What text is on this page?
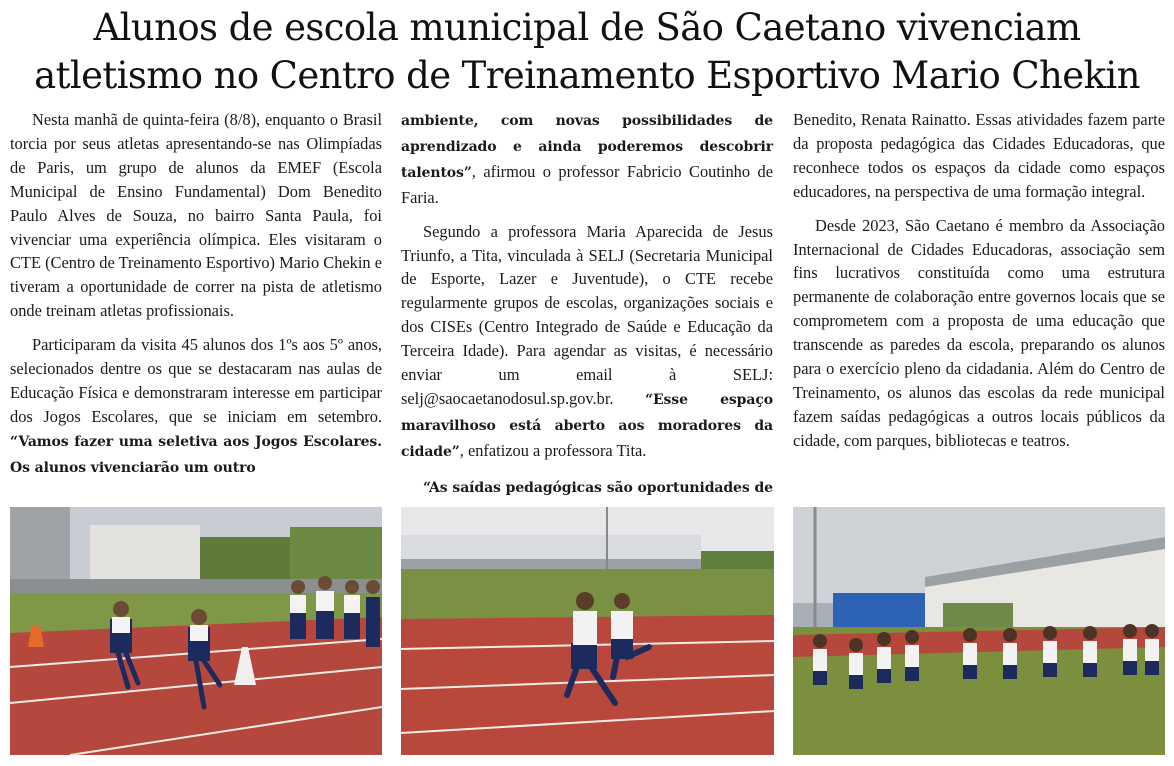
Alunos de escola municipal de São Caetano vivenciam
atletismo no Centro de Treinamento Esportivo Mario Chekin

Nesta manhã de quinta-feira (8/8), enquanto o Brasil torcia por seus atletas apresentando-se nas Olimpíadas de Paris, um grupo de alunos da EMEF (Escola Municipal de Ensino Fundamental) Dom Benedito Paulo Alves de Souza, no bairro Santa Paula, foi vivenciar uma experiência olímpica. Eles visitaram o CTE (Centro de Treinamento Esportivo) Mario Chekin e tiveram a oportunidade de correr na pista de atletismo onde treinam atletas profissionais.

Participaram da visita 45 alunos dos 1ºs aos 5º anos, selecionados dentre os que se destacaram nas aulas de Educação Física e demonstraram interesse em participar dos Jogos Escolares, que se iniciam em setembro. “Vamos fazer uma seletiva aos Jogos Escolares. Os alunos vivenciarão um outro

ambiente, com novas possibilidades de aprendizado e ainda poderemos descobrir talentos”, afirmou o professor Fabricio Coutinho de Faria.

Segundo a professora Maria Aparecida de Jesus Triunfo, a Tita, vinculada à SELJ (Secretaria Municipal de Esporte, Lazer e Juventude), o CTE recebe regularmente grupos de escolas, organizações sociais e dos CISEs (Centro Integrado de Saúde e Educação da Terceira Idade). Para agendar as visitas, é necessário enviar um email à SELJ: selj@saocaetanodosul.sp.gov.br. “Esse espaço maravilhoso está aberto aos moradores da cidade”, enfatizou a professora Tita.

“As saídas pedagógicas são oportunidades de

Benedito, Renata Rainatto. Essas atividades fazem parte da proposta pedagógica das Cidades Educadoras, que reconhece todos os espaços da cidade como espaços educadores, na perspectiva de uma formação integral.

Desde 2023, São Caetano é membro da Associação Internacional de Cidades Educadoras, associação sem fins lucrativos constituída como uma estrutura permanente de colaboração entre governos locais que se comprometem com a proposta de uma educação que transcende as paredes da escola, preparando os alunos para o exercício pleno da cidadania. Além do Centro de Treinamento, os alunos das escolas da rede municipal fazem saídas pedagógicas a outros locais públicos da cidade, com parques, bibliotecas e teatros.
